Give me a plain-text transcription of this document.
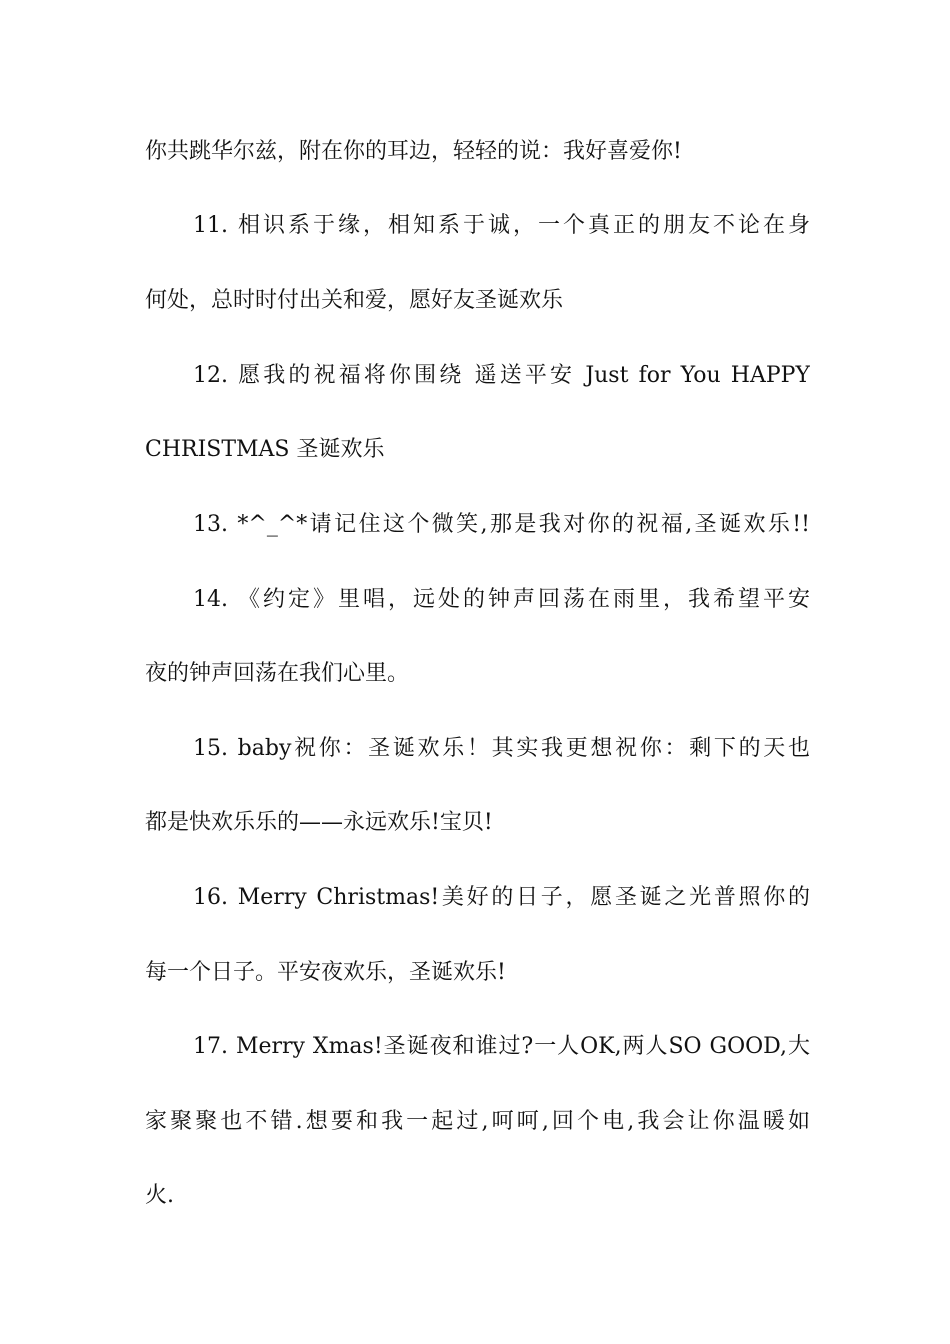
你共跳华尔兹，附在你的耳边，轻轻的说：我好喜爱你!
11. 相识系于缘，相知系于诚，一个真正的朋友不论在身
何处，总时时付出关和爱，愿好友圣诞欢乐
12. 愿我的祝福将你围绕 遥送平安 Just for You HAPPY
CHRISTMAS 圣诞欢乐
13. *^_^*请记住这个微笑,那是我对你的祝福,圣诞欢乐!!
14. 《约定》里唱，远处的钟声回荡在雨里，我希望平安
夜的钟声回荡在我们心里。
15. baby祝你：圣诞欢乐！其实我更想祝你：剩下的天也
都是快欢乐乐的——永远欢乐!宝贝!
16. Merry Christmas!美好的日子，愿圣诞之光普照你的
每一个日子。平安夜欢乐，圣诞欢乐!
17. Merry Xmas!圣诞夜和谁过?一人OK,两人SO GOOD,大
家聚聚也不错.想要和我一起过,呵呵,回个电,我会让你温暖如
火.
